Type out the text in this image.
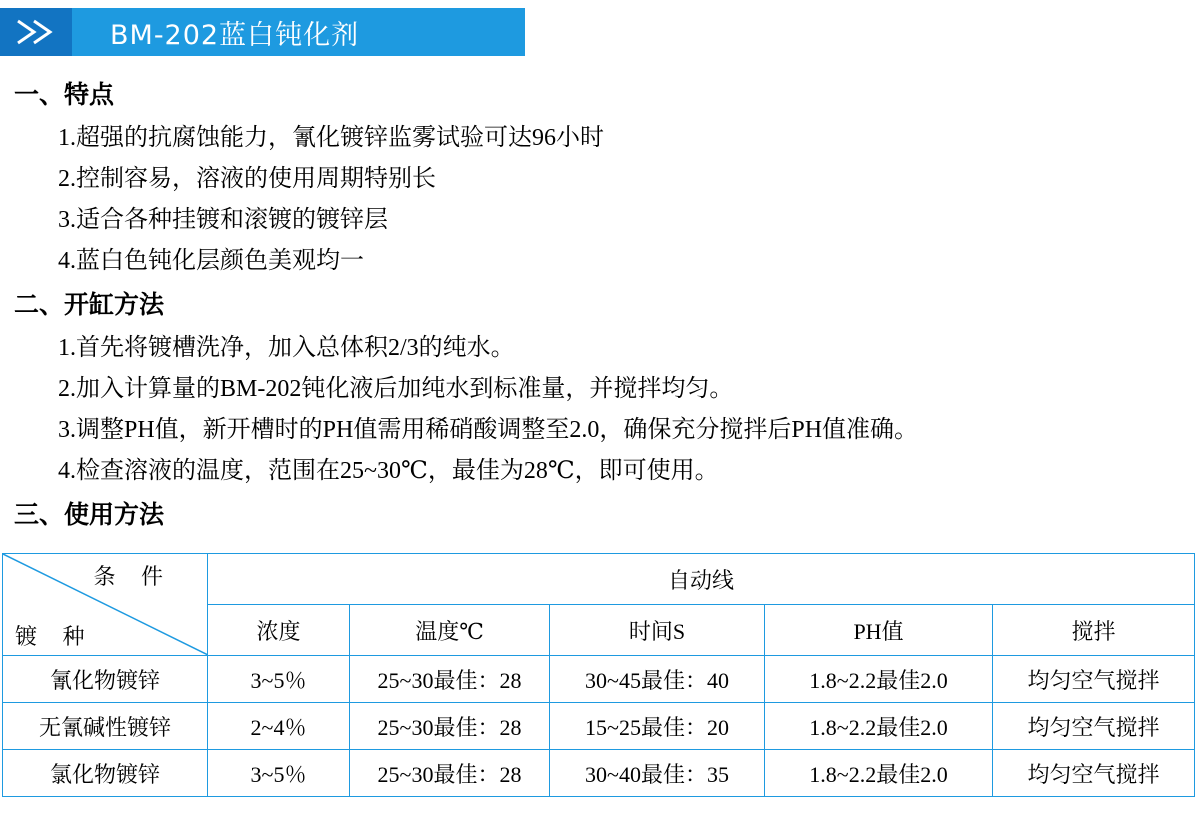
BM-202蓝白钝化剂
一、特点
1.超强的抗腐蚀能力，氰化镀锌监雾试验可达96小时
2.控制容易，溶液的使用周期特别长
3.适合各种挂镀和滚镀的镀锌层
4.蓝白色钝化层颜色美观均一
二、开缸方法
1.首先将镀槽洗净，加入总体积2/3的纯水。
2.加入计算量的BM-202钝化液后加纯水到标准量，并搅拌均匀。
3.调整PH值，新开槽时的PH值需用稀硝酸调整至2.0，确保充分搅拌后PH值准确。
4.检查溶液的温度，范围在25~30℃，最佳为28℃，即可使用。
三、使用方法
条 件
镀 种	自动线				
	浓度	温度℃	时间S	PH值	搅拌
氰化物镀锌	3~5％	25~30最佳：28	30~45最佳：40	1.8~2.2最佳2.0	均匀空气搅拌
无氰碱性镀锌	2~4％	25~30最佳：28	15~25最佳：20	1.8~2.2最佳2.0	均匀空气搅拌
氯化物镀锌	3~5％	25~30最佳：28	30~40最佳：35	1.8~2.2最佳2.0	均匀空气搅拌
